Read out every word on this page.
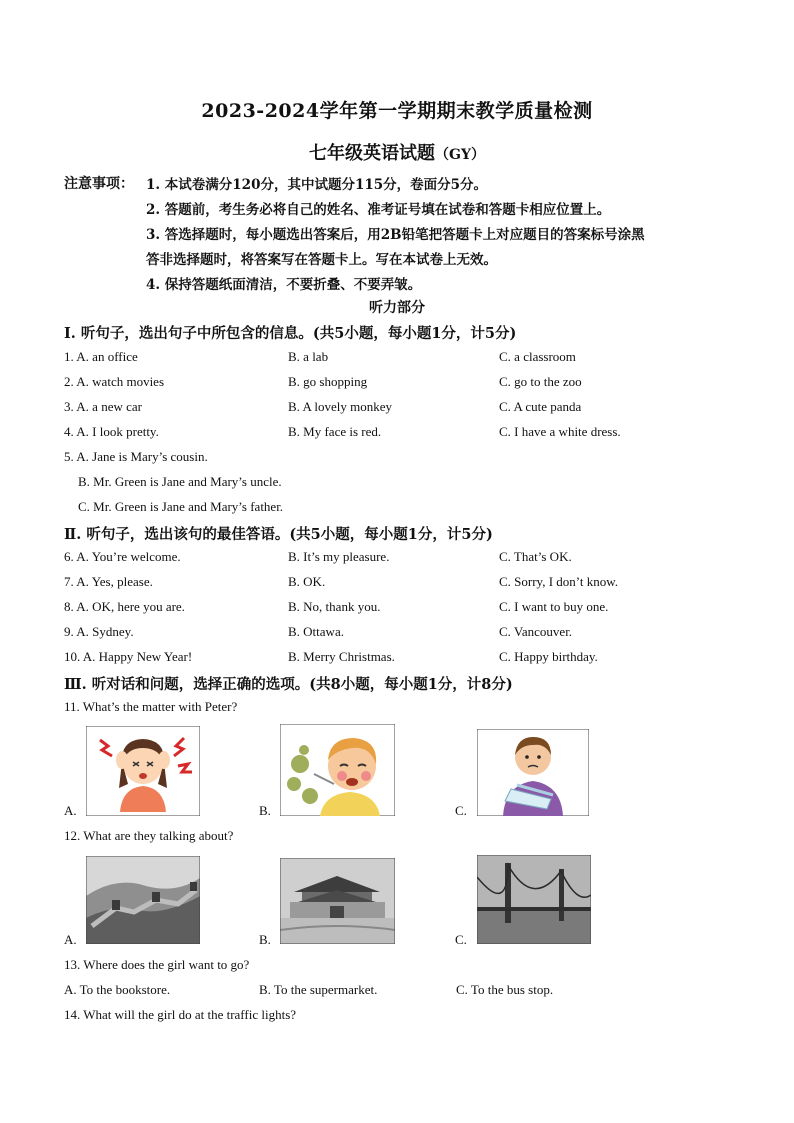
2023-2024学年第一学期期末教学质量检测
七年级英语试题（GY）
注意事项： 1. 本试卷满分120分，其中试题分115分，卷面分5分。
2. 答题前，考生务必将自己的姓名、准考证号填在试卷和答题卡相应位置上。
3. 答选择题时，每小题选出答案后，用2B铅笔把答题卡上对应题目的答案标号涂黑
答非选择题时，将答案写在答题卡上。写在本试卷上无效。
4. 保持答题纸面清洁，不要折叠、不要弄皱。
听力部分
Ⅰ. 听句子，选出句子中所包含的信息。(共5小题，每小题1分，计5分)
1. A. an office	B. a lab	C. a classroom
2. A. watch movies	B. go shopping	C. go to the zoo
3. A. a new car	B. A lovely monkey	C. A cute panda
4. A. I look pretty.	B. My face is red.	C. I have a white dress.
5. A. Jane is Mary’s cousin.
B. Mr. Green is Jane and Mary’s uncle.
C. Mr. Green is Jane and Mary’s father.
Ⅱ. 听句子，选出该句的最佳答语。(共5小题，每小题1分，计5分)
6. A. You’re welcome.	B. It’s my pleasure.	C. That’s OK.
7. A. Yes, please.	B. OK.	C. Sorry, I don’t know.
8. A. OK, here you are.	B. No, thank you.	C. I want to buy one.
9. A. Sydney.	B. Ottawa.	C. Vancouver.
10. A. Happy New Year!	B. Merry Christmas.	C. Happy birthday.
Ⅲ. 听对话和问题，选择正确的选项。(共8小题，每小题1分，计8分)
11. What’s the matter with Peter?
A.	B.	C.
12. What are they talking about?
A.	B.	C.
13. Where does the girl want to go?
A. To the bookstore.	B. To the supermarket.	C. To the bus stop.
14. What will the girl do at the traffic lights?
